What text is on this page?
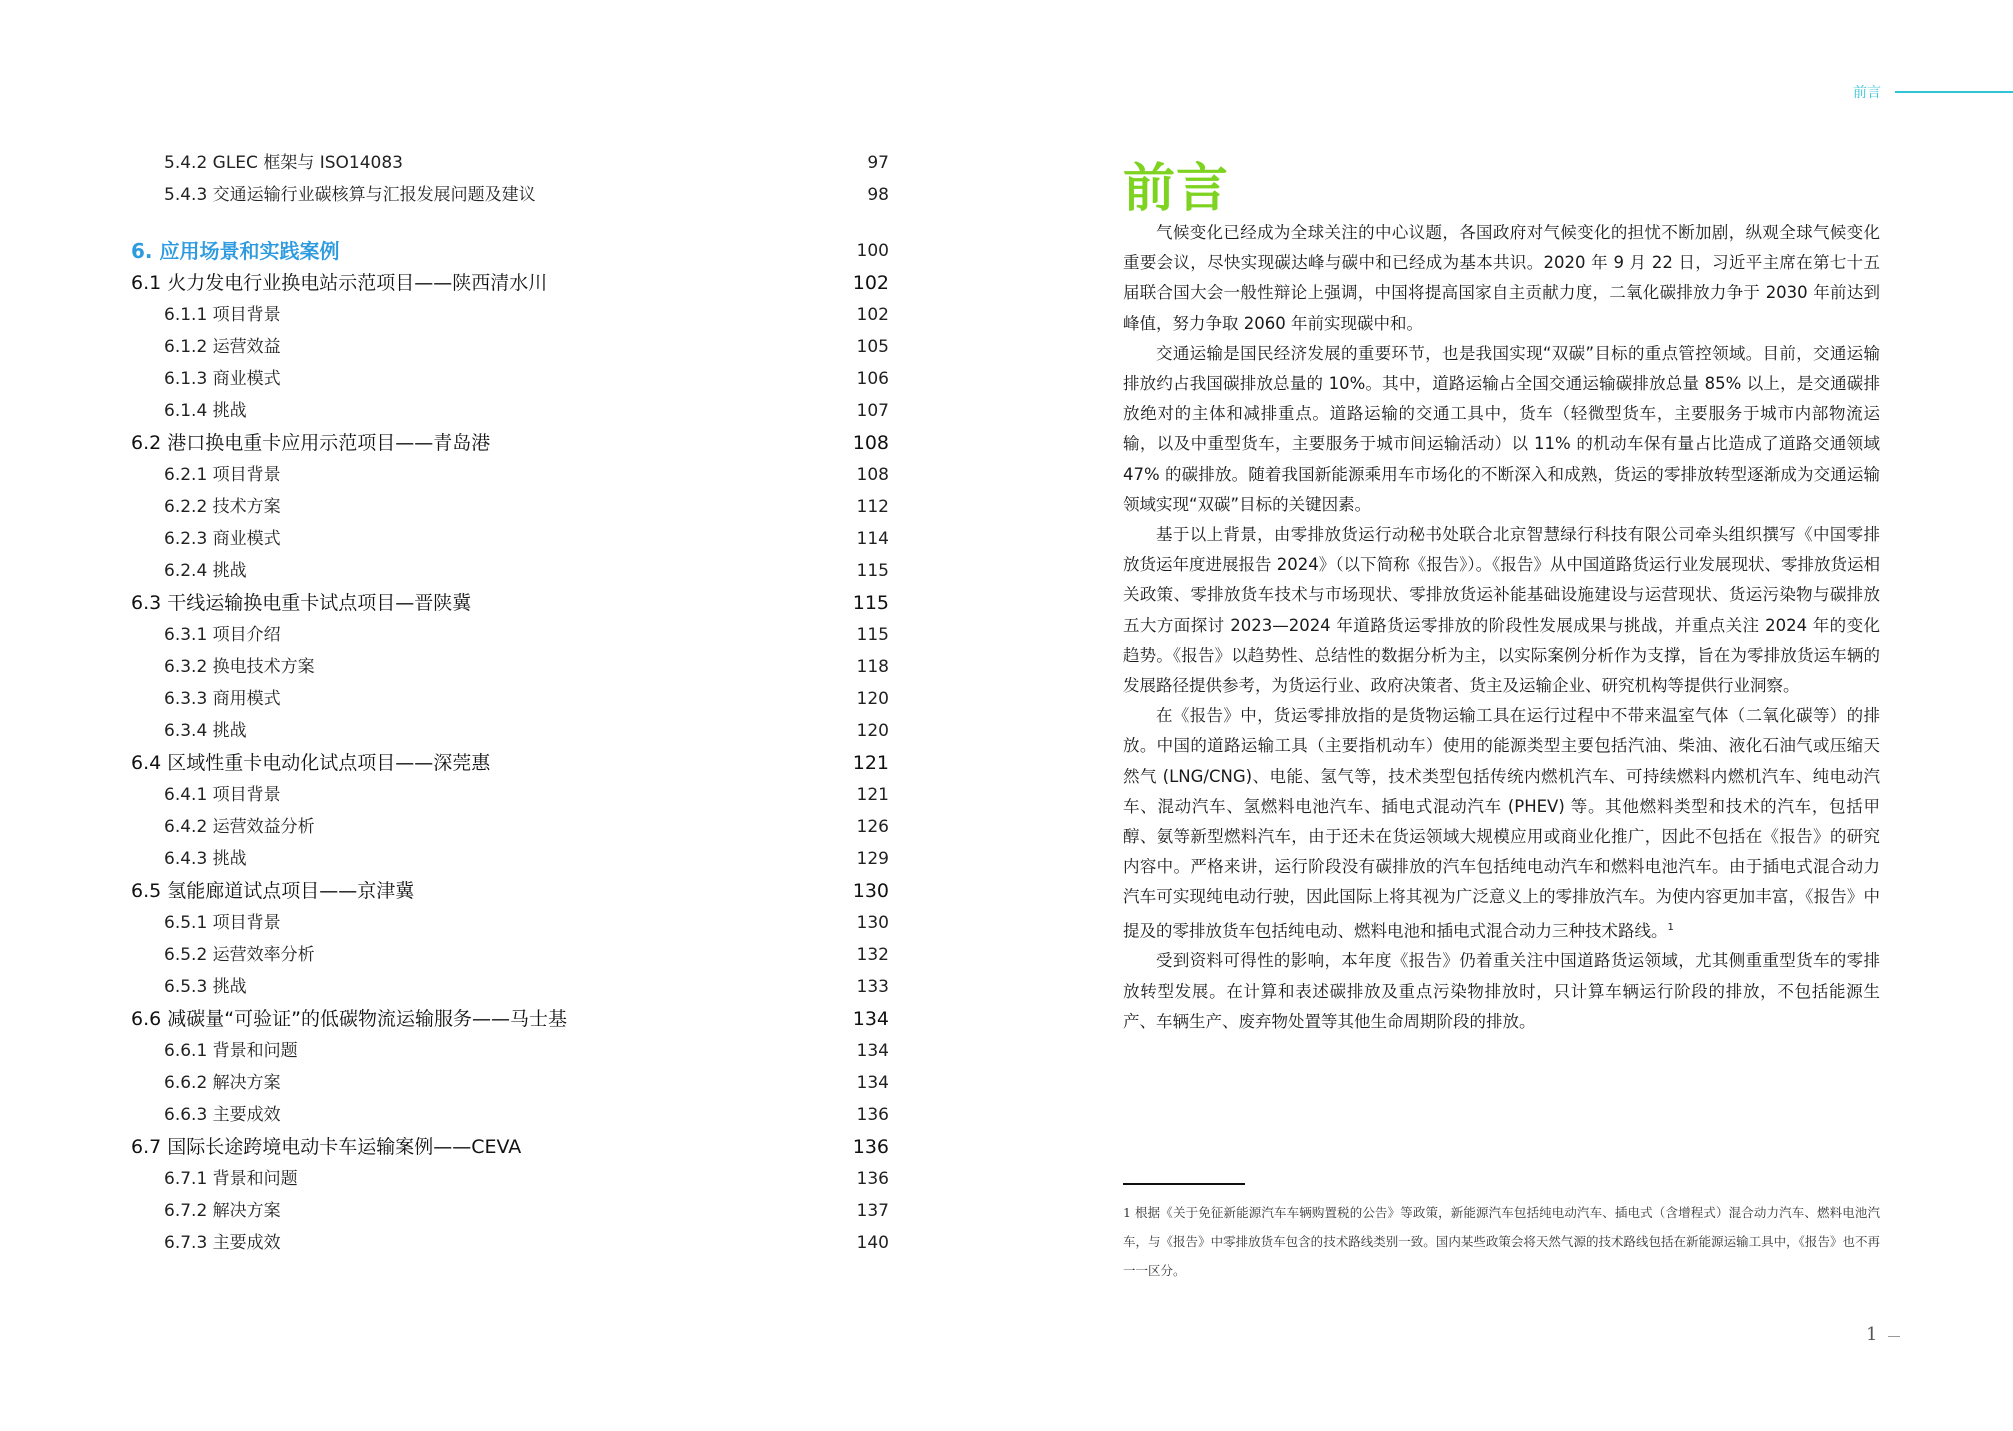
前言
5.4.2 GLEC 框架与 ISO14083	97
5.4.3 交通运输行业碳核算与汇报发展问题及建议	98
6. 应用场景和实践案例	100
6.1 火力发电行业换电站示范项目——陕西清水川	102
6.1.1 项目背景	102
6.1.2 运营效益	105
6.1.3 商业模式	106
6.1.4 挑战	107
6.2 港口换电重卡应用示范项目——青岛港	108
6.2.1 项目背景	108
6.2.2 技术方案	112
6.2.3 商业模式	114
6.2.4 挑战	115
6.3 干线运输换电重卡试点项目—晋陕冀	115
6.3.1 项目介绍	115
6.3.2 换电技术方案	118
6.3.3 商用模式	120
6.3.4 挑战	120
6.4 区域性重卡电动化试点项目——深莞惠	121
6.4.1 项目背景	121
6.4.2 运营效益分析	126
6.4.3 挑战	129
6.5 氢能廊道试点项目——京津冀	130
6.5.1 项目背景	130
6.5.2 运营效率分析	132
6.5.3 挑战	133
6.6 减碳量“可验证”的低碳物流运输服务——马士基	134
6.6.1 背景和问题	134
6.6.2 解决方案	134
6.6.3 主要成效	136
6.7 国际长途跨境电动卡车运输案例——CEVA	136
6.7.1 背景和问题	136
6.7.2 解决方案	137
6.7.3 主要成效	140
前言

气候变化已经成为全球关注的中心议题，各国政府对气候变化的担忧不断加剧，纵观全球气候变化重要会议，尽快实现碳达峰与碳中和已经成为基本共识。2020 年 9 月 22 日，习近平主席在第七十五届联合国大会一般性辩论上强调，中国将提高国家自主贡献力度，二氧化碳排放力争于 2030 年前达到峰值，努力争取 2060 年前实现碳中和。

交通运输是国民经济发展的重要环节，也是我国实现“双碳”目标的重点管控领域。目前，交通运输排放约占我国碳排放总量的 10%。其中，道路运输占全国交通运输碳排放总量 85% 以上，是交通碳排放绝对的主体和减排重点。道路运输的交通工具中，货车（轻微型货车，主要服务于城市内部物流运输，以及中重型货车，主要服务于城市间运输活动）以 11% 的机动车保有量占比造成了道路交通领域 47% 的碳排放。随着我国新能源乘用车市场化的不断深入和成熟，货运的零排放转型逐渐成为交通运输领域实现“双碳”目标的关键因素。

基于以上背景，由零排放货运行动秘书处联合北京智慧绿行科技有限公司牵头组织撰写《中国零排放货运年度进展报告 2024》（以下简称《报告》）。《报告》从中国道路货运行业发展现状、零排放货运相关政策、零排放货车技术与市场现状、零排放货运补能基础设施建设与运营现状、货运污染物与碳排放五大方面探讨 2023—2024 年道路货运零排放的阶段性发展成果与挑战，并重点关注 2024 年的变化趋势。《报告》以趋势性、总结性的数据分析为主，以实际案例分析作为支撑，旨在为零排放货运车辆的发展路径提供参考，为货运行业、政府决策者、货主及运输企业、研究机构等提供行业洞察。

在《报告》中，货运零排放指的是货物运输工具在运行过程中不带来温室气体（二氧化碳等）的排放。中国的道路运输工具（主要指机动车）使用的能源类型主要包括汽油、柴油、液化石油气或压缩天然气 (LNG/CNG)、电能、氢气等，技术类型包括传统内燃机汽车、可持续燃料内燃机汽车、纯电动汽车、混动汽车、氢燃料电池汽车、插电式混动汽车 (PHEV) 等。其他燃料类型和技术的汽车，包括甲醇、氨等新型燃料汽车，由于还未在货运领域大规模应用或商业化推广，因此不包括在《报告》的研究内容中。严格来讲，运行阶段没有碳排放的汽车包括纯电动汽车和燃料电池汽车。由于插电式混合动力汽车可实现纯电动行驶，因此国际上将其视为广泛意义上的零排放汽车。为使内容更加丰富，《报告》中提及的零排放货车包括纯电动、燃料电池和插电式混合动力三种技术路线。$^1$

受到资料可得性的影响，本年度《报告》仍着重关注中国道路货运领域，尤其侧重重型货车的零排放转型发展。在计算和表述碳排放及重点污染物排放时，只计算车辆运行阶段的排放，不包括能源生产、车辆生产、废弃物处置等其他生命周期阶段的排放。

1 根据《关于免征新能源汽车车辆购置税的公告》等政策，新能源汽车包括纯电动汽车、插电式（含增程式）混合动力汽车、燃料电池汽车，与《报告》中零排放货车包含的技术路线类别一致。国内某些政策会将天然气源的技术路线包括在新能源运输工具中，《报告》也不再一一区分。
1
